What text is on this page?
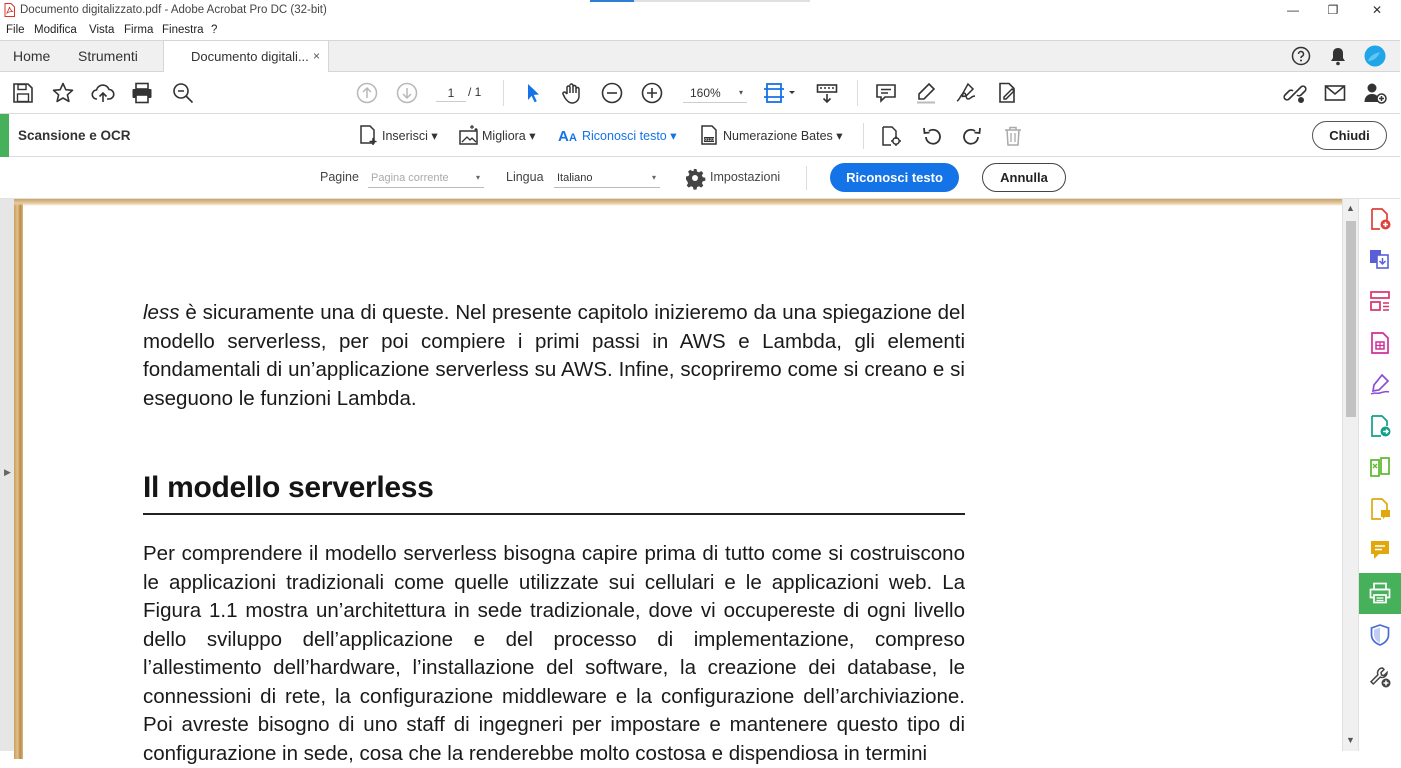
Documento digitalizzato.pdf - Adobe Acrobat Pro DC (32-bit)	—	❐	✕
File Modifica Vista Firma Finestra ?
Home Strumenti	Documento digitali... ×
1	/ 1	160% ▾
Scansione e OCR	Inserisci ▾	Migliora ▾ A A Riconosci testo ▾	0123 Numerazione Bates ▾	Chiudi
Pagine Pagina corrente	▾ Lingua Italiano	▾	Impostazioni	Riconosci testo	Annulla
▶
less è sicuramente una di queste. Nel presente capitolo inizieremo da una spiegazione del modello serverless, per poi compiere i primi passi in AWS e Lambda, gli elementi fondamentali di un’applicazione serverless su AWS. Infine, scopriremo come si creano e si eseguono le funzioni Lambda.
Il modello serverless
Per comprendere il modello serverless bisogna capire prima di tutto come si costruiscono le applicazioni tradizionali come quelle utilizzate sui cellulari e le applicazioni web. La Figura 1.1 mostra un’architettura in sede tradizionale, dove vi occupereste di ogni livello dello sviluppo dell’applicazione e del processo di implementazione, compreso l’allestimento dell’hardware, l’installazione del software, la creazione dei database, le connessioni di rete, la configurazione middleware e la configurazione dell’archiviazione. Poi avreste bisogno di uno staff di ingegneri per impostare e mantenere questo tipo di configurazione in sede, cosa che la renderebbe molto costosa e dispendiosa in termini
▲
▼
